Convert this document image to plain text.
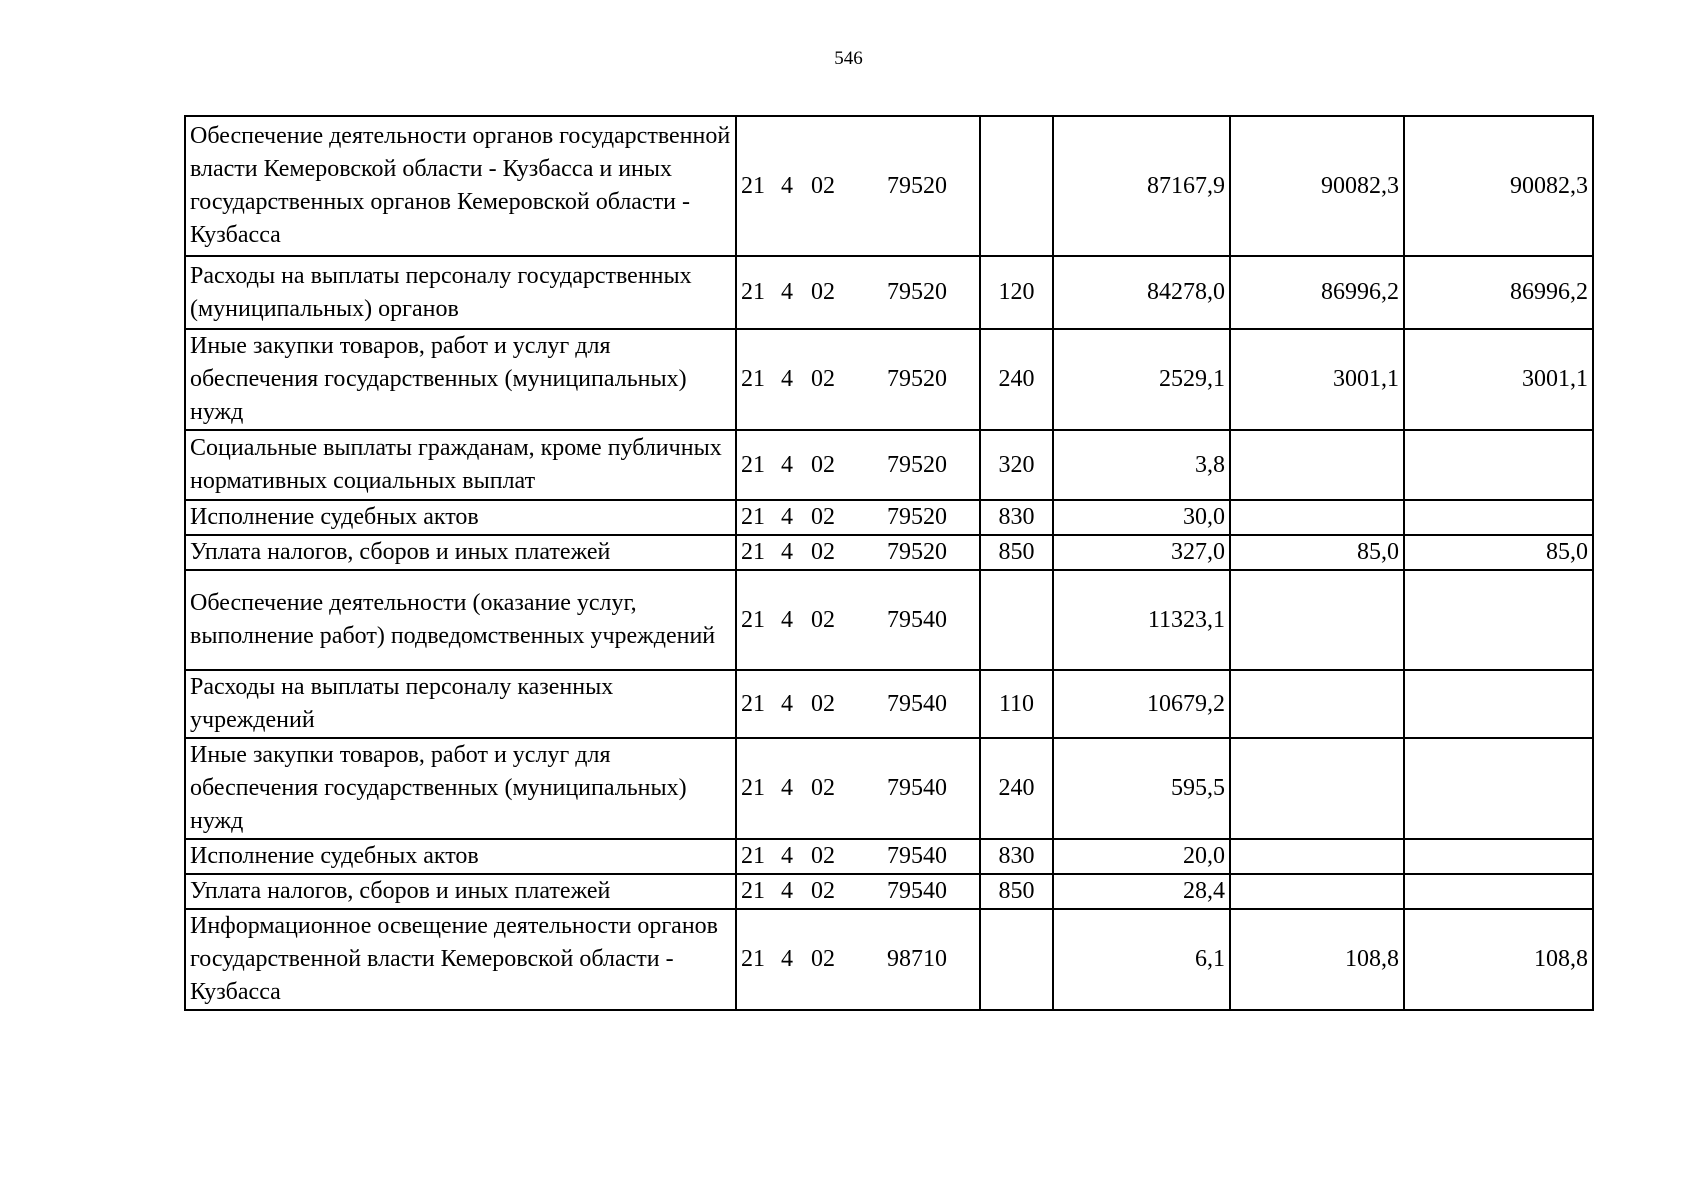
546
Обеспечение деятельности органов государственной власти Кемеровской области - Кузбасса и иных государственных органов Кемеровской области - Кузбасса	21 4 02 79520		87167,9	90082,3	90082,3
Расходы на выплаты персоналу государственных (муниципальных) органов	21 4 02 79520	120	84278,0	86996,2	86996,2
Иные закупки товаров, работ и услуг для обеспечения государственных (муниципальных) нужд	21 4 02 79520	240	2529,1	3001,1	3001,1
Социальные выплаты гражданам, кроме публичных нормативных социальных выплат	21 4 02 79520	320	3,8		
Исполнение судебных актов	21 4 02 79520	830	30,0		
Уплата налогов, сборов и иных платежей	21 4 02 79520	850	327,0	85,0	85,0
Обеспечение деятельности (оказание услуг, выполнение работ) подведомственных учреждений	21 4 02 79540		11323,1		
Расходы на выплаты персоналу казенных учреждений	21 4 02 79540	110	10679,2		
Иные закупки товаров, работ и услуг для обеспечения государственных (муниципальных) нужд	21 4 02 79540	240	595,5		
Исполнение судебных актов	21 4 02 79540	830	20,0		
Уплата налогов, сборов и иных платежей	21 4 02 79540	850	28,4		
Информационное освещение деятельности органов государственной власти Кемеровской области - Кузбасса	21 4 02 98710		6,1	108,8	108,8
